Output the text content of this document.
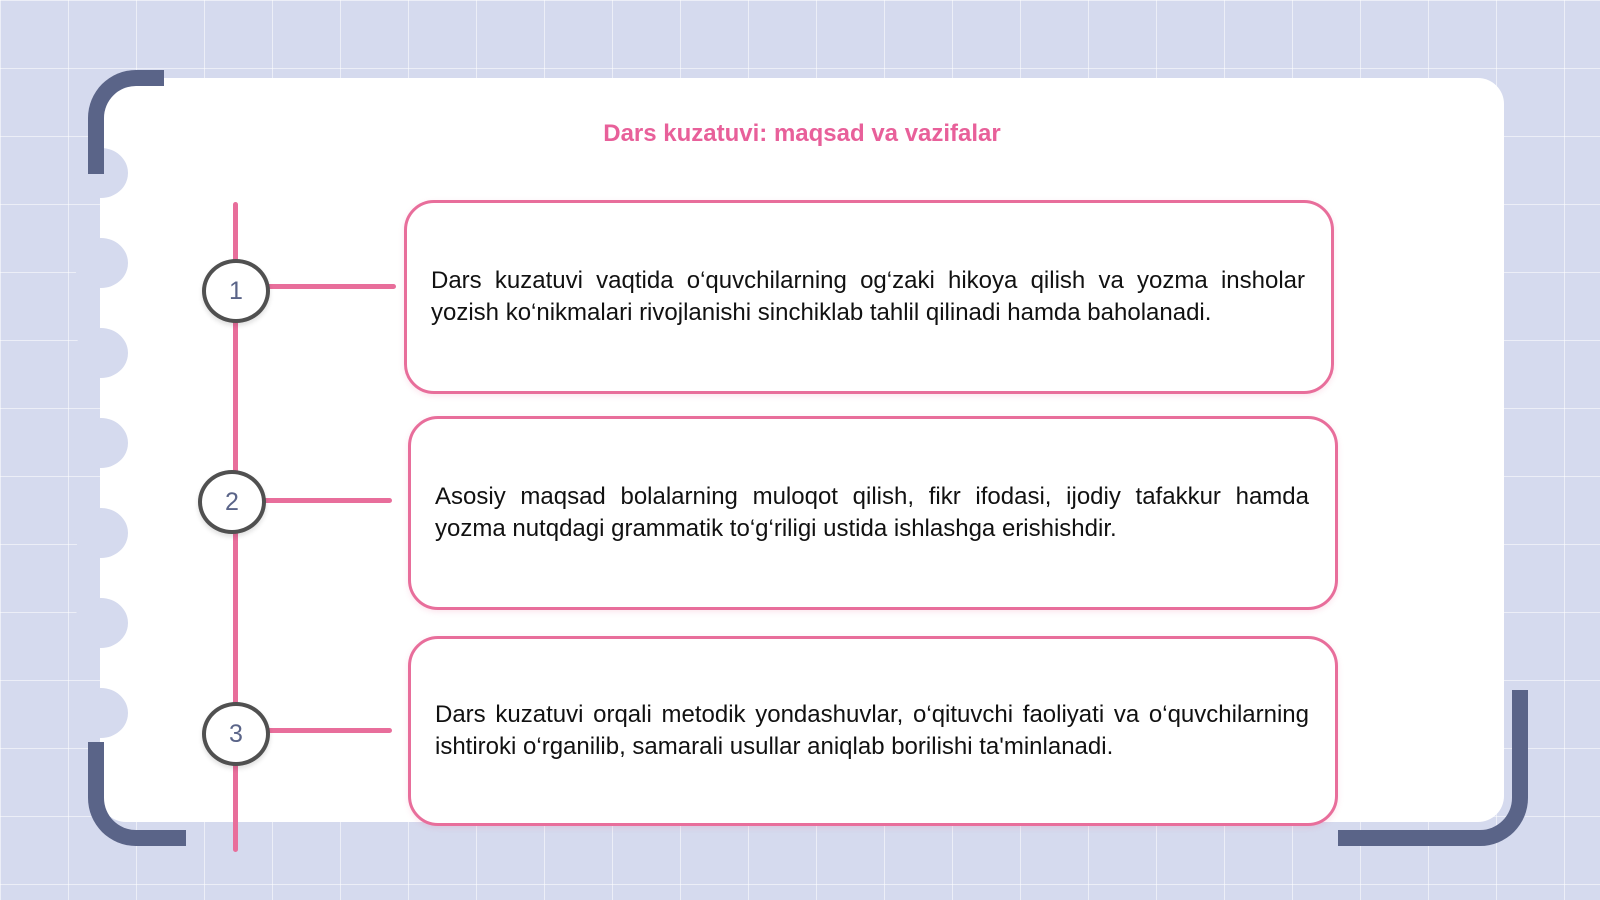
Dars kuzatuvi: maqsad va vazifalar
1
2
3

Dars kuzatuvi vaqtida o‘quvchilarning og‘zaki hikoya qilish va yozma insholar yozish ko‘nikmalari rivojlanishi sinchiklab tahlil qilinadi hamda baholanadi.

Asosiy maqsad bolalarning muloqot qilish, fikr ifodasi, ijodiy tafakkur hamda yozma nutqdagi grammatik to‘g‘riligi ustida ishlashga erishishdir.

Dars kuzatuvi orqali metodik yondashuvlar, o‘qituvchi faoliyati va o‘quvchilarning ishtiroki o‘rganilib, samarali usullar aniqlab borilishi ta'minlanadi.
